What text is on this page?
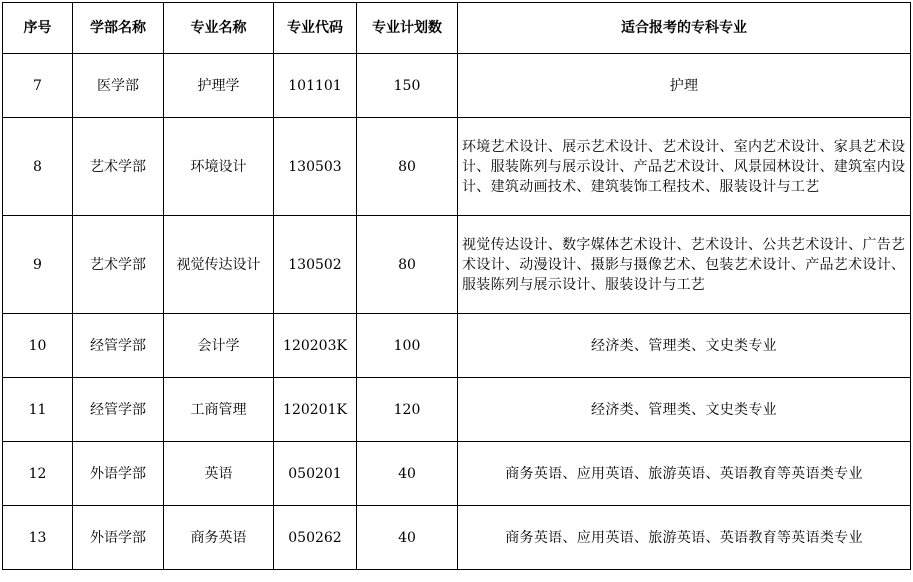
序号	学部名称	专业名称	专业代码	专业计划数	适合报考的专科专业
7	医学部	护理学	101101	150	护理
8	艺术学部	环境设计	130503	80	环境艺术设计、展示艺术设计、艺术设计、室内艺术设计、家具艺术设计、服装陈列与展示设计、产品艺术设计、风景园林设计、建筑室内设计、建筑动画技术、建筑装饰工程技术、服装设计与工艺
9	艺术学部	视觉传达设计	130502	80	视觉传达设计、数字媒体艺术设计、艺术设计、公共艺术设计、广告艺术设计、动漫设计、摄影与摄像艺术、包装艺术设计、产品艺术设计、服装陈列与展示设计、服装设计与工艺
10	经管学部	会计学	120203K	100	经济类、管理类、文史类专业
11	经管学部	工商管理	120201K	120	经济类、管理类、文史类专业
12	外语学部	英语	050201	40	商务英语、应用英语、旅游英语、英语教育等英语类专业
13	外语学部	商务英语	050262	40	商务英语、应用英语、旅游英语、英语教育等英语类专业
